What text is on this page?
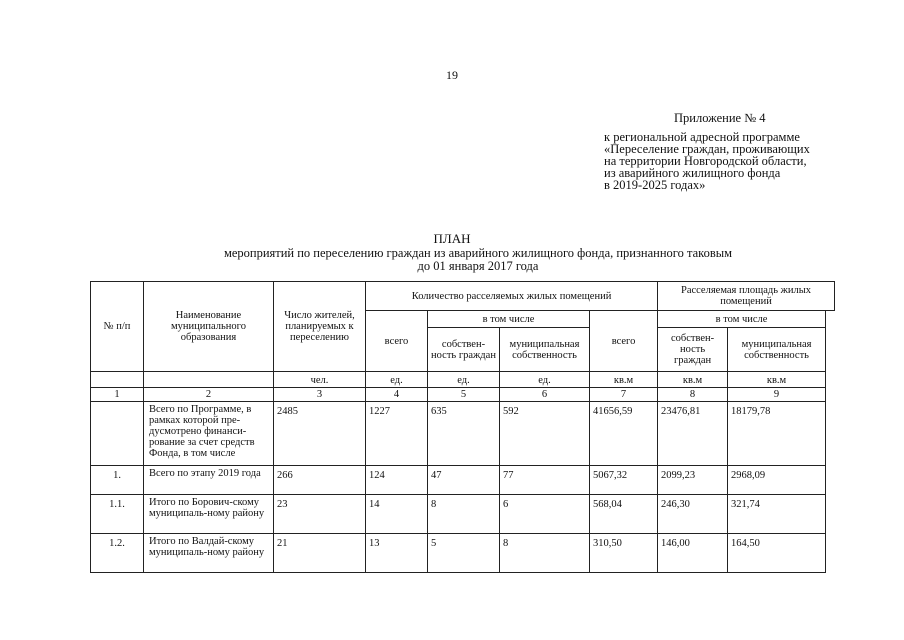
19
Приложение № 4
к региональной адресной программе
«Переселение граждан, проживающих
на территории Новгородской области,
из аварийного жилищного фонда
в 2019-2025 годах»
ПЛАН
мероприятий по переселению граждан из аварийного жилищного фонда, признанного таковым
до 01 января 2017 года
№ п/п	Наименование муниципального образования	Число жителей, планируемых к переселению	Количество расселяемых жилых помещений				Расселяемая площадь жилых помещений	
			всего	в том числе		всего	в том числе	
				собствен-ность граждан	муниципальная собственность		собствен-ность граждан	муниципальная собственность
		чел.	ед.	ед.	ед.	кв.м	кв.м	кв.м
1	2	3	4	5	6	7	8	9
	Всего по Программе, в рамках которой пре-дусмотрено финанси-рование за счет средств Фонда, в том числе	2485	1227	635	592	41656,59	23476,81	18179,78
1.	Всего по этапу 2019 года	266	124	47	77	5067,32	2099,23	2968,09
1.1.	Итого по Борович-скому муниципаль-ному району	23	14	8	6	568,04	246,30	321,74
1.2.	Итого по Валдай-скому муниципаль-ному району	21	13	5	8	310,50	146,00	164,50
